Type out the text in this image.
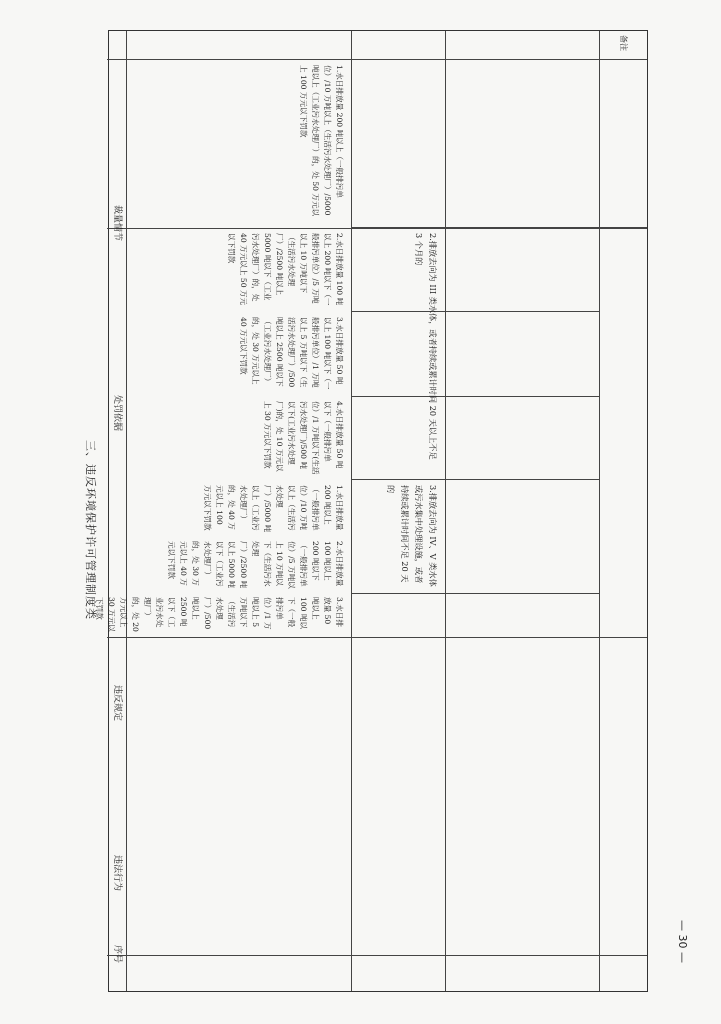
三、违反环境保护许可管理制度类
序号
违法行为
违反规定
处罚依据
裁量情节
1.水日排放量 200 吨以上（一般排污单位）/10 万吨以上（生活污水处理厂）/5000 吨以上（工业污水处理厂）的，处 50 万元以上 100 万元以下罚款
2.排放去向为 III 类水体，或者持续或累计时间 20 天以上不足 3 个月的
2.水日排放量 100 吨以上 200 吨以下（一般排污单位）/5 万吨以上 10 万吨以下（生活污水处理厂）/2500 吨以上 5000 吨以下（工业污水处理厂）的，处 40 万元以上 50 万元以下罚款
3.水日排放量 50 吨以上 100 吨以下（一般排污单位）/1 万吨以上 5 万吨以下（生活污水处理厂）/500 吨以上 2500 吨以下（工业污水处理厂）的，处 30 万元以上 40 万元以下罚款
4.水日排放量 50 吨以下（一般排污单位）/1 万吨以下(生活污水处理厂)/500 吨以下(工业污水处理厂)的，处 10 万元以上 30 万元以下罚款
3.排放去向为 IV、V 类水体或污水集中处理设施，或者持续或累计时间不足 20 天的
1.水日排放量 200 吨以上（一般排污单位）/10 万吨以上（生活污水处理厂）/5000 吨以上（工业污水处理厂）的，处 40 万元以上 100 万元以下罚款
2.水日排放量 100 吨以上 200 吨以下（一般排污单位）/5 万吨以上 10 万吨以下（生活污水处理厂）/2500 吨以上 5000 吨以下（工业污水处理厂）的，处 30 万元以上 40 万元以下罚款
3.水日排放量 50 吨以上 100 吨以下（一般排污单位）/1 万吨以上 5 万吨以下（生活污水处理厂）/500 吨以上 2500 吨以下（工业污水处理厂）的，处 20 万元以上 30 万元以下罚款
备注
— 30 —
